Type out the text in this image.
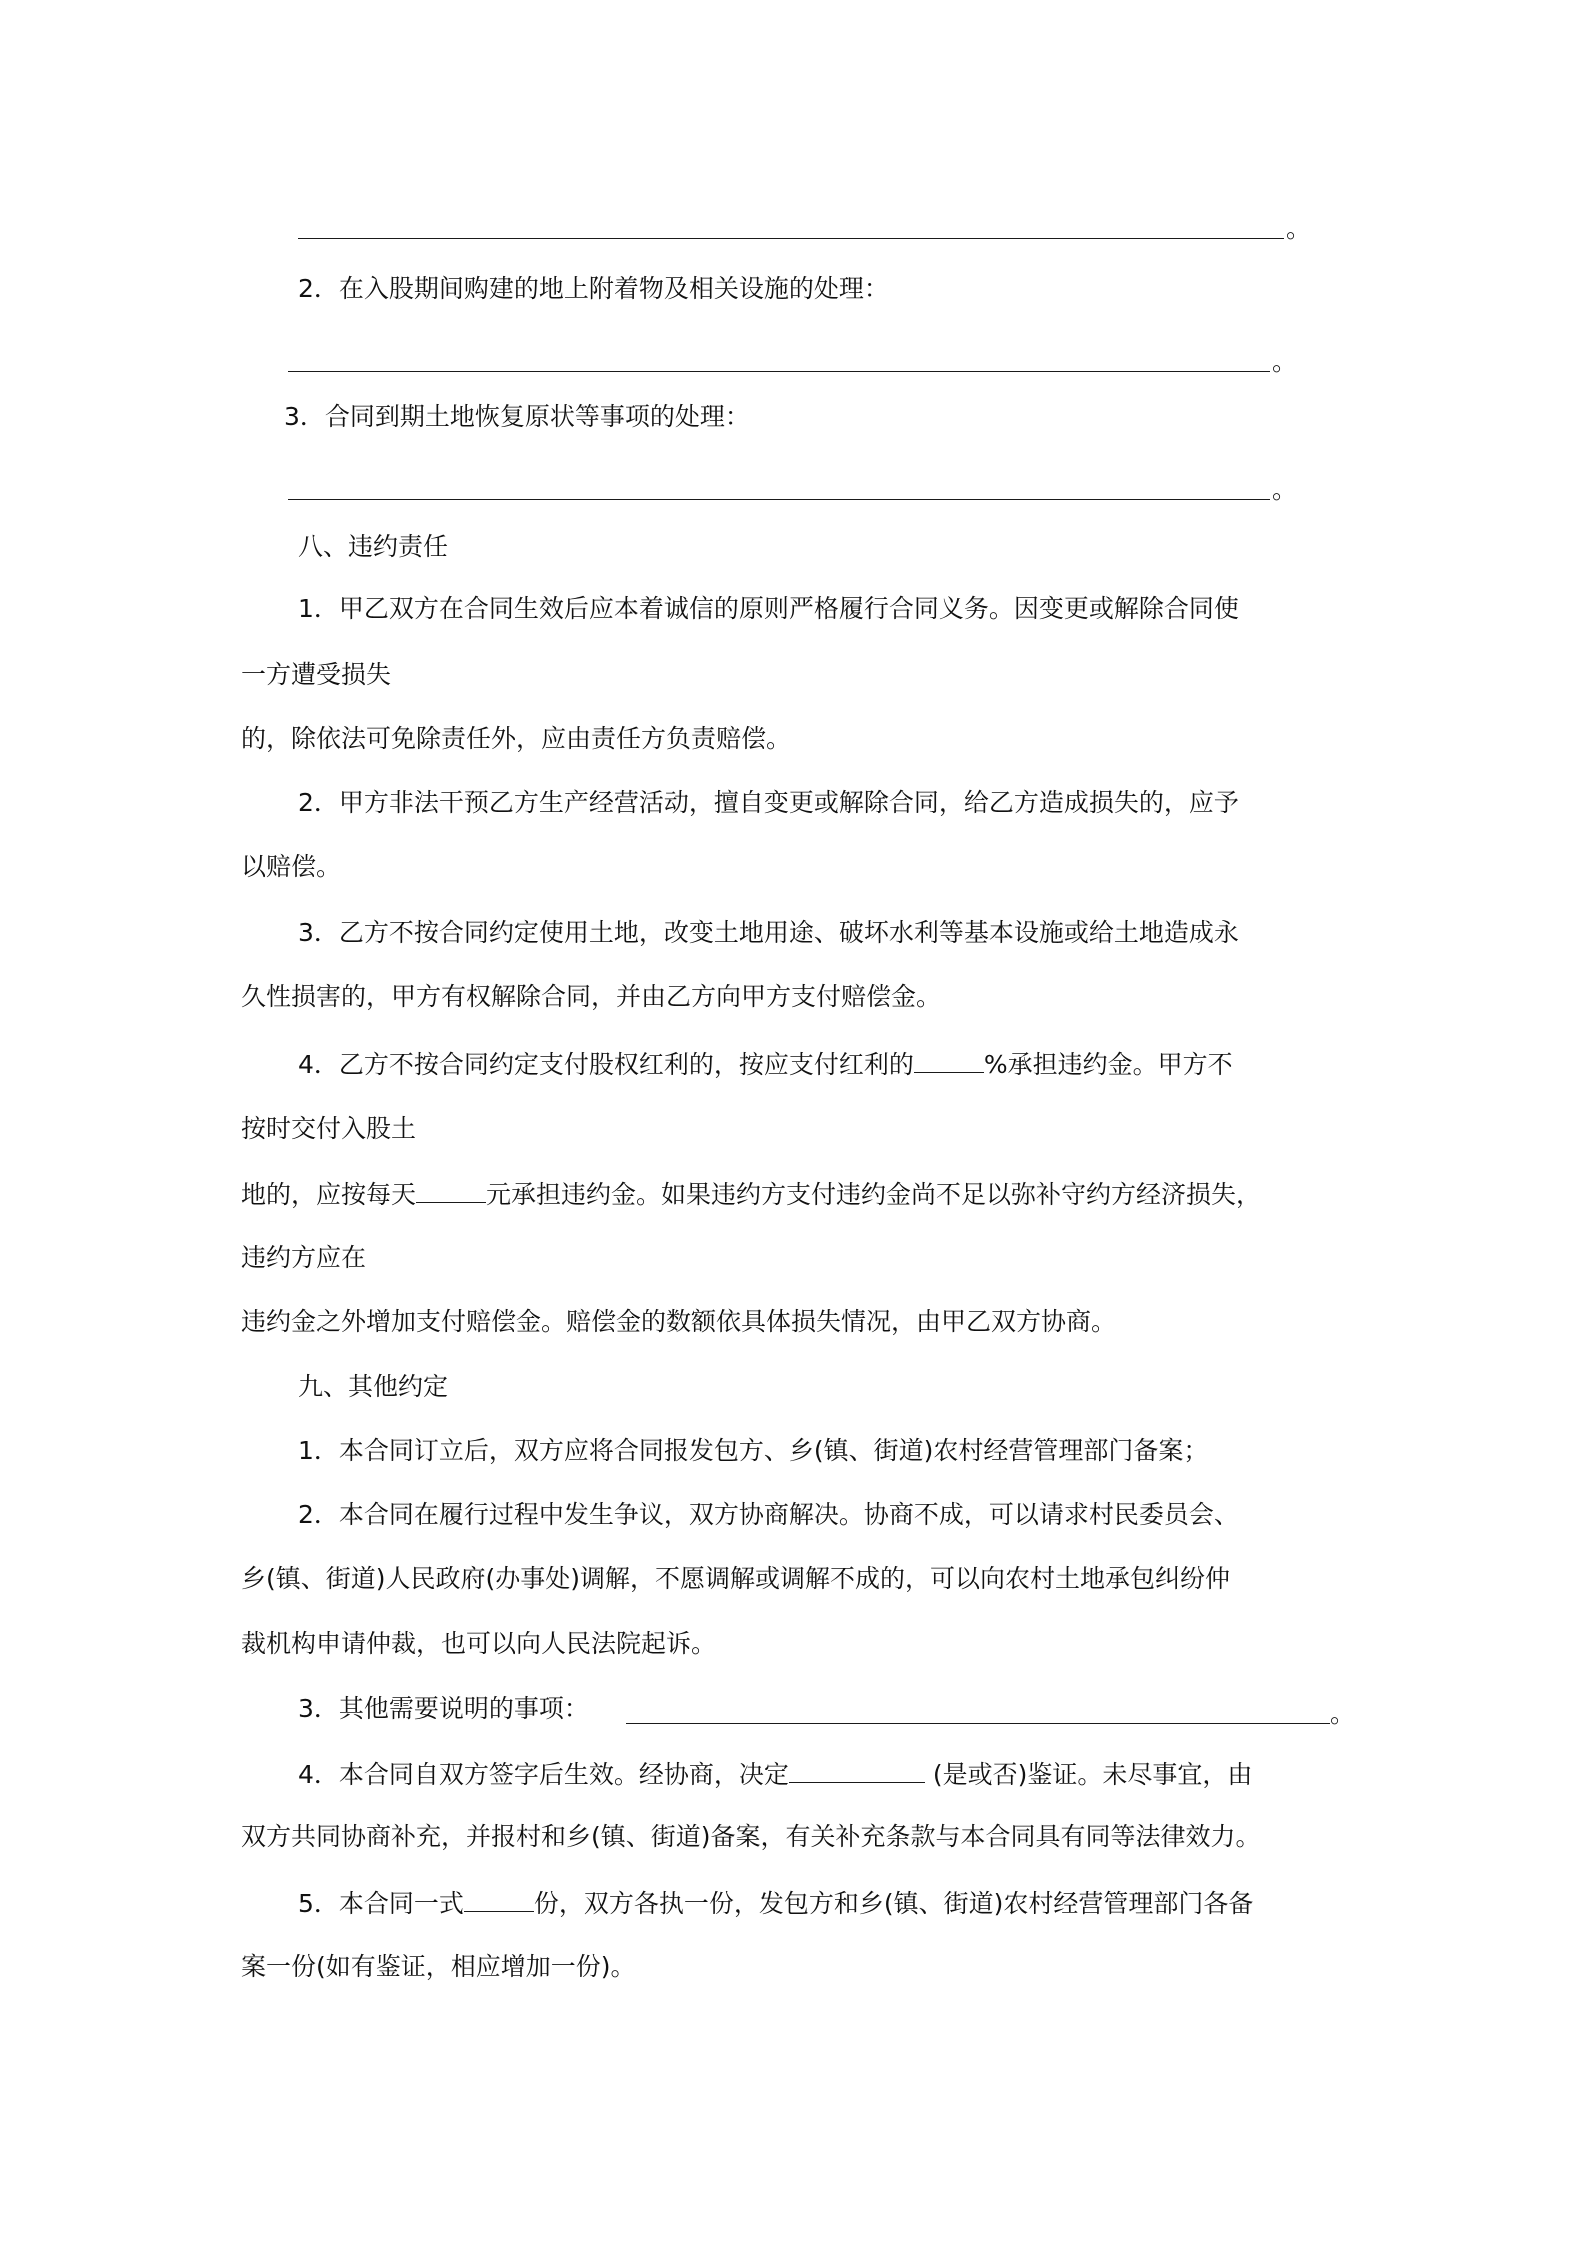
。
2．在入股期间购建的地上附着物及相关设施的处理：
。
3．合同到期土地恢复原状等事项的处理：
。
八、违约责任
1．甲乙双方在合同生效后应本着诚信的原则严格履行合同义务。因变更或解除合同使
一方遭受损失
的，除依法可免除责任外，应由责任方负责赔偿。
2．甲方非法干预乙方生产经营活动，擅自变更或解除合同，给乙方造成损失的，应予
以赔偿。
3．乙方不按合同约定使用土地，改变土地用途、破坏水利等基本设施或给土地造成永
久性损害的，甲方有权解除合同，并由乙方向甲方支付赔偿金。
4．乙方不按合同约定支付股权红利的，按应支付红利的	%承担违约金。甲方不
按时交付入股土
地的，应按每天	元承担违约金。如果违约方支付违约金尚不足以弥补守约方经济损失，
违约方应在
违约金之外增加支付赔偿金。赔偿金的数额依具体损失情况，由甲乙双方协商。
九、其他约定
1．本合同订立后，双方应将合同报发包方、乡(镇、街道)农村经营管理部门备案；
2．本合同在履行过程中发生争议，双方协商解决。协商不成，可以请求村民委员会、
乡(镇、街道)人民政府(办事处)调解，不愿调解或调解不成的，可以向农村土地承包纠纷仲
裁机构申请仲裁，也可以向人民法院起诉。
3．其他需要说明的事项：	。
4．本合同自双方签字后生效。经协商，决定	(是或否)鉴证。未尽事宜，由
双方共同协商补充，并报村和乡(镇、街道)备案，有关补充条款与本合同具有同等法律效力。
5．本合同一式	份，双方各执一份，发包方和乡(镇、街道)农村经营管理部门各备
案一份(如有鉴证，相应增加一份)。
